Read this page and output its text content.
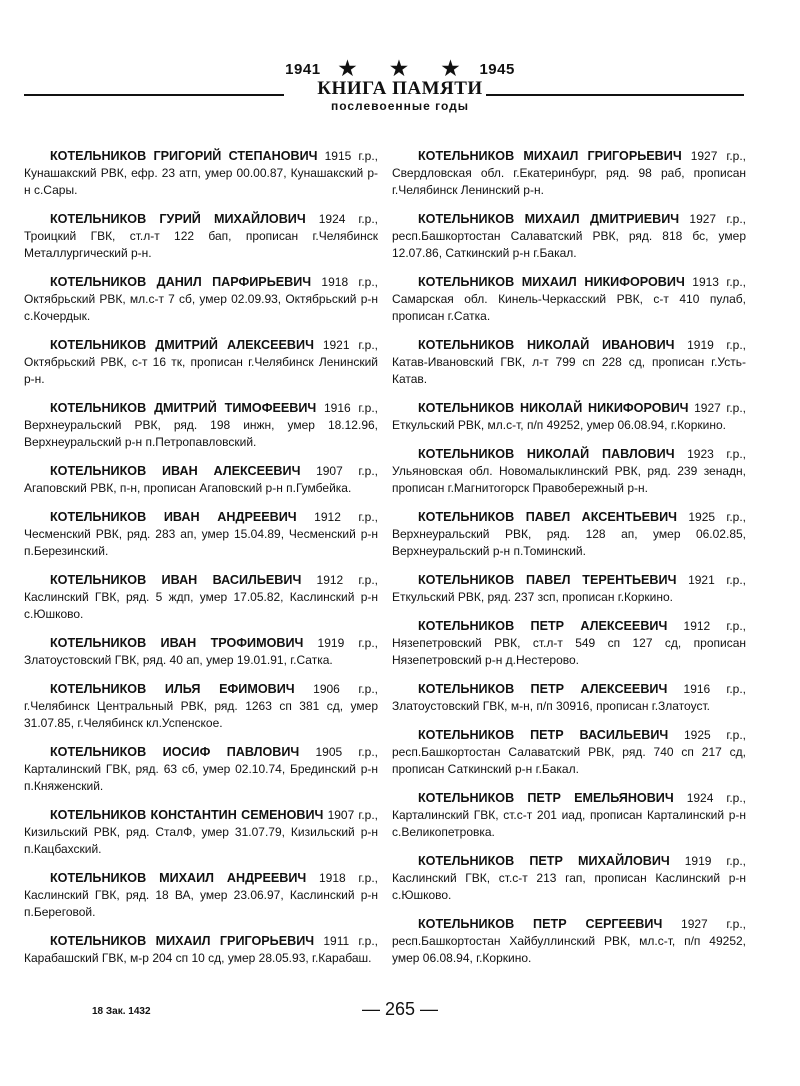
1941 ★ ★ ★ 1945
КНИГА ПАМЯТИ
послевоенные годы

КОТЕЛЬНИКОВ ГРИГОРИЙ СТЕПАНОВИЧ 1915 г.р., Кунашакский РВК, ефр. 23 атп, умер 00.00.87, Кунашакский р-н с.Сары.

КОТЕЛЬНИКОВ ГУРИЙ МИХАЙЛОВИЧ 1924 г.р., Троицкий ГВК, ст.л-т 122 бап, прописан г.Челябинск Металлургический р-н.

КОТЕЛЬНИКОВ ДАНИЛ ПАРФИРЬЕВИЧ 1918 г.р., Октябрьский РВК, мл.с-т 7 сб, умер 02.09.93, Октябрьский р-н с.Кочердык.

КОТЕЛЬНИКОВ ДМИТРИЙ АЛЕКСЕЕВИЧ 1921 г.р., Октябрьский РВК, с-т 16 тк, прописан г.Челябинск Ленинский р-н.

КОТЕЛЬНИКОВ ДМИТРИЙ ТИМОФЕЕВИЧ 1916 г.р., Верхнеуральский РВК, ряд. 198 инжн, умер 18.12.96, Верхнеуральский р-н п.Петропавловский.

КОТЕЛЬНИКОВ ИВАН АЛЕКСЕЕВИЧ 1907 г.р., Агаповский РВК, п-н, прописан Агаповский р-н п.Гумбейка.

КОТЕЛЬНИКОВ ИВАН АНДРЕЕВИЧ 1912 г.р., Чесменский РВК, ряд. 283 ап, умер 15.04.89, Чесменский р-н п.Березинский.

КОТЕЛЬНИКОВ ИВАН ВАСИЛЬЕВИЧ 1912 г.р., Каслинский ГВК, ряд. 5 ждп, умер 17.05.82, Каслинский р-н с.Юшково.

КОТЕЛЬНИКОВ ИВАН ТРОФИМОВИЧ 1919 г.р., Златоустовский ГВК, ряд. 40 ап, умер 19.01.91, г.Сатка.

КОТЕЛЬНИКОВ ИЛЬЯ ЕФИМОВИЧ 1906 г.р., г.Челябинск Центральный РВК, ряд. 1263 сп 381 сд, умер 31.07.85, г.Челябинск кл.Успенское.

КОТЕЛЬНИКОВ ИОСИФ ПАВЛОВИЧ 1905 г.р., Карталинский ГВК, ряд. 63 сб, умер 02.10.74, Брединский р-н п.Княженский.

КОТЕЛЬНИКОВ КОНСТАНТИН СЕМЕНОВИЧ 1907 г.р., Кизильский РВК, ряд. СталФ, умер 31.07.79, Кизильский р-н п.Кацбахский.

КОТЕЛЬНИКОВ МИХАИЛ АНДРЕЕВИЧ 1918 г.р., Каслинский ГВК, ряд. 18 ВА, умер 23.06.97, Каслинский р-н п.Береговой.

КОТЕЛЬНИКОВ МИХАИЛ ГРИГОРЬЕВИЧ 1911 г.р., Карабашский ГВК, м-р 204 сп 10 сд, умер 28.05.93, г.Карабаш.

КОТЕЛЬНИКОВ МИХАИЛ ГРИГОРЬЕВИЧ 1927 г.р., Свердловская обл. г.Екатеринбург, ряд. 98 раб, прописан г.Челябинск Ленинский р-н.

КОТЕЛЬНИКОВ МИХАИЛ ДМИТРИЕВИЧ 1927 г.р., респ.Башкортостан Салаватский РВК, ряд. 818 бс, умер 12.07.86, Саткинский р-н г.Бакал.

КОТЕЛЬНИКОВ МИХАИЛ НИКИФОРОВИЧ 1913 г.р., Самарская обл. Кинель-Черкасский РВК, с-т 410 пулаб, прописан г.Сатка.

КОТЕЛЬНИКОВ НИКОЛАЙ ИВАНОВИЧ 1919 г.р., Катав-Ивановский ГВК, л-т 799 сп 228 сд, прописан г.Усть-Катав.

КОТЕЛЬНИКОВ НИКОЛАЙ НИКИФОРОВИЧ 1927 г.р., Еткульский РВК, мл.с-т, п/п 49252, умер 06.08.94, г.Коркино.

КОТЕЛЬНИКОВ НИКОЛАЙ ПАВЛОВИЧ 1923 г.р., Ульяновская обл. Новомалыклинский РВК, ряд. 239 зенадн, прописан г.Магнитогорск Правобережный р-н.

КОТЕЛЬНИКОВ ПАВЕЛ АКСЕНТЬЕВИЧ 1925 г.р., Верхнеуральский РВК, ряд. 128 ап, умер 06.02.85, Верхнеуральский р-н п.Томинский.

КОТЕЛЬНИКОВ ПАВЕЛ ТЕРЕНТЬЕВИЧ 1921 г.р., Еткульский РВК, ряд. 237 зсп, прописан г.Коркино.

КОТЕЛЬНИКОВ ПЕТР АЛЕКСЕЕВИЧ 1912 г.р., Нязепетровский РВК, ст.л-т 549 сп 127 сд, прописан Нязепетровский р-н д.Нестерово.

КОТЕЛЬНИКОВ ПЕТР АЛЕКСЕЕВИЧ 1916 г.р., Златоустовский ГВК, м-н, п/п 30916, прописан г.Златоуст.

КОТЕЛЬНИКОВ ПЕТР ВАСИЛЬЕВИЧ 1925 г.р., респ.Башкортостан Салаватский РВК, ряд. 740 сп 217 сд, прописан Саткинский р-н г.Бакал.

КОТЕЛЬНИКОВ ПЕТР ЕМЕЛЬЯНОВИЧ 1924 г.р., Карталинский ГВК, ст.с-т 201 иад, прописан Карталинский р-н с.Великопетровка.

КОТЕЛЬНИКОВ ПЕТР МИХАЙЛОВИЧ 1919 г.р., Каслинский ГВК, ст.с-т 213 гап, прописан Каслинский р-н с.Юшково.

КОТЕЛЬНИКОВ ПЕТР СЕРГЕЕВИЧ 1927 г.р., респ.Башкортостан Хайбуллинский РВК, мл.с-т, п/п 49252, умер 06.08.94, г.Коркино.

18 Зак. 1432	— 265 —
